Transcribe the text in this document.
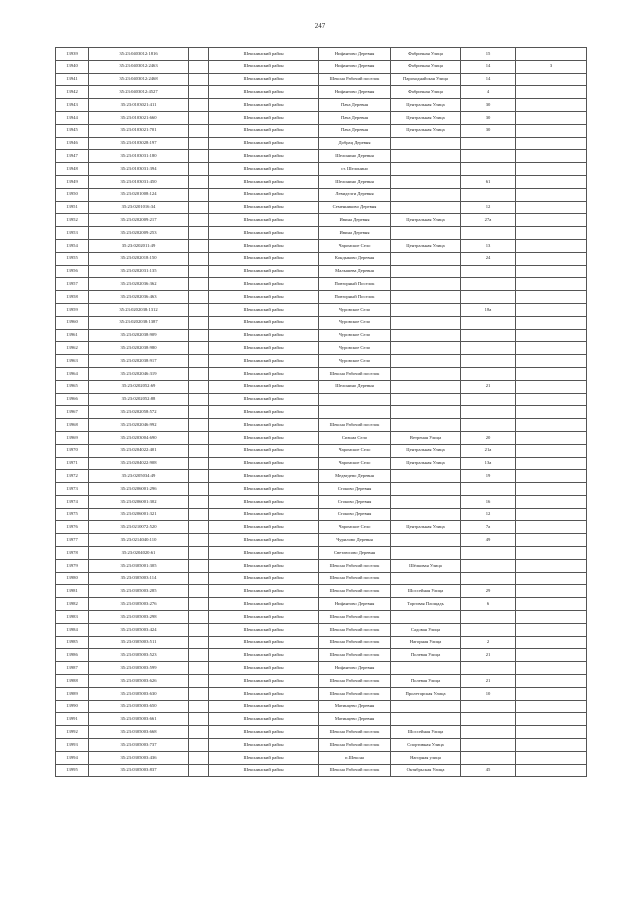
247
13939	35:23:0403012:1816		Шекснинский район	Нифантово Деревня	Фабричная Улица	15	
13940	35:23:0403012:2463		Шекснинский район	Нифантово Деревня	Фабричная Улица	14	3
13941	35:23:0403012:2468		Шекснинский район	Шексна Рабочий поселок	Пароходнайская Улица	14	
13942	35:23:0403012:4527		Шекснинский район	Нифантово Деревня	Фабричная Улица	4	
13943	35:23:0103021:411		Шекснинский район	Пача Деревня	Центральная Улица	30	
13944	35:23:0103021:660		Шекснинский район	Пача Деревня	Центральная Улица	30	
13945	35:23:0103021:701		Шекснинский район	Пача Деревня	Центральная Улица	30	
13946	35:23:0103028:197		Шекснинский район	Добрац Деревня			
13947	35:23:0103031:180		Шекснинский район	Шелонино Деревня			
13948	35:23:0103031:394		Шекснинский район	ст. Шелонино			
13949	35:23:0103031:450		Шекснинский район	Шелонино Деревня		61	
13950	35:23:0201008:124		Шекснинский район	Левиделги Деревня			
13951	35:23:0201016:34		Шекснинский район	Семенниково Деревня		12	
13952	35:23:0202009:217		Шекснинский район	Ивина Деревня	Центральная Улица	27а	
13953	35:23:0202009:253		Шекснинский район	Ивина Деревня			
13954	35:23:0202011:49		Шекснинский район	Чаромское Село	Центральная Улица	13	
13955	35:23:0202018:150		Шекснинский район	Кондыково Деревня		24	
13956	35:23:0202031:135		Шекснинский район	Малышева Деревня			
13957	35:23:0202036:362		Шекснинский район	Повторный Поселок			
13958	35:23:0202036:463		Шекснинский район	Повторный Поселок			
13959	35:23:0202038:1312		Шекснинский район	Чуровское Село		18а	
13960	35:23:0202038:1387		Шекснинский район	Чуровское Село			
13961	35:23:0202038:909		Шекснинский район	Чуровское Село			
13962	35:23:0202038:980		Шекснинский район	Чуровское Село			
13963	35:23:0202038:917		Шекснинский район	Чуровское Село			
13964	35:23:0202046:319		Шекснинский район	Шексна Рабочий поселок			
13965	35:23:0202052:69		Шекснинский район	Шелонино Деревня		21	
13966	35:23:0202052:88		Шекснинский район				
13967	35:23:0202058:572		Шекснинский район				
13968	35:23:0202046:992		Шекснинский район	Шексна Рабочий поселок			
13969	35:23:0203004:690		Шекснинский район	Сизьма Село	Ветреная Улица	20	
13970	35:23:0204022:401		Шекснинский район	Чаромское Село	Центральная Улица	21а	
13971	35:23:0204022:908		Шекснинский район	Чаромское Село	Центральная Улица	13а	
13972	35:23:0205034:49		Шекснинский район	Медведево Деревня		19	
13973	35:23:0206001:296		Шекснинский район	Стоково Деревня			
13974	35:23:0206001:302		Шекснинский район	Стоково Деревня		16	
13975	35:23:0206001:321		Шекснинский район	Стоково Деревня		12	
13976	35:23:0210072:520		Шекснинский район	Чаромское Село	Центральная Улица	7а	
13977	35:23:0214040:110		Шекснинский район	Чурилово Деревня		49	
13978	35:23:0204020:61		Шекснинский район	Светлюсово Деревня			
13979	35:23:0305001:305		Шекснинский район	Шексна Рабочий поселок	Шёлковая Улица		
13980	35:23:0305003:114		Шекснинский район	Шексна Рабочий поселок			
13981	35:23:0305003:285		Шекснинский район	Шексна Рабочий поселок	Шоссейная Улица	29	
13982	35:23:0305003:276		Шекснинский район	Нифантово Деревня	Торговая Площадь	6	
13983	35:23:0305003:298		Шекснинский район	Шексна Рабочий поселок			
13984	35:23:0305003:424		Шекснинский район	Шексна Рабочий поселок	Садовая Улица		
13985	35:23:0305003:511		Шекснинский район	Шексна Рабочий поселок	Нагорная Улица	2	
13986	35:23:0305003:523		Шекснинский район	Шексна Рабочий поселок	Полевая Улица	21	
13987	35:23:0305003:599		Шекснинский район	Нифантово Деревня			
13988	35:23:0305003:626		Шекснинский район	Шексна Рабочий поселок	Полевая Улица	21	
13989	35:23:0305003:630		Шекснинский район	Шексна Рабочий поселок	Пролетарская Улица	10	
13990	35:23:0305003:650		Шекснинский район	Матинцево Деревня			
13991	35:23:0305003:661		Шекснинский район	Матинцево Деревня			
13992	35:23:0305003:668		Шекснинский район	Шексна Рабочий поселок	Шоссейная Улица		
13993	35:23:0305003:737		Шекснинский район	Шексна Рабочий поселок	Спортивная Улица		
13994	35:23:0305003:436		Шекснинский район	п.Шексна	Нагорная улица		
13995	35:23:0305003:837		Шекснинский район	Шексна Рабочий поселок	Октябрьская Улица	45	
